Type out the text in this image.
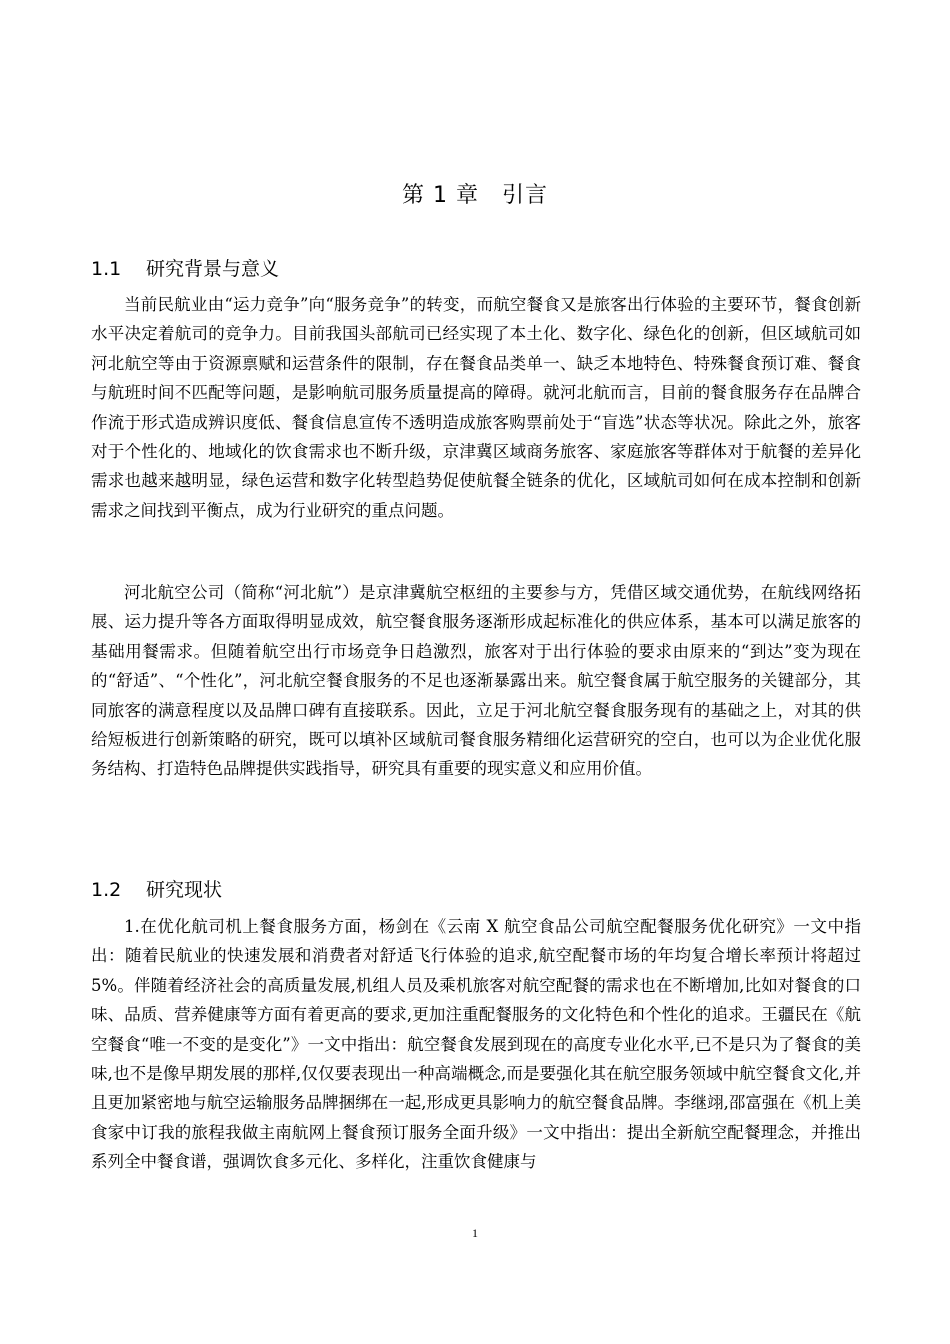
第 1 章　引言
1.1 研究背景与意义

当前民航业由“运力竞争”向“服务竞争”的转变，而航空餐食又是旅客出行体验的主要环节，餐食创新水平决定着航司的竞争力。目前我国头部航司已经实现了本土化、数字化、绿色化的创新，但区域航司如河北航空等由于资源禀赋和运营条件的限制，存在餐食品类单一、缺乏本地特色、特殊餐食预订难、餐食与航班时间不匹配等问题，是影响航司服务质量提高的障碍。就河北航而言，目前的餐食服务存在品牌合作流于形式造成辨识度低、餐食信息宣传不透明造成旅客购票前处于“盲选”状态等状况。除此之外，旅客对于个性化的、地域化的饮食需求也不断升级，京津冀区域商务旅客、家庭旅客等群体对于航餐的差异化需求也越来越明显，绿色运营和数字化转型趋势促使航餐全链条的优化，区域航司如何在成本控制和创新需求之间找到平衡点，成为行业研究的重点问题。

河北航空公司（简称“河北航”）是京津冀航空枢纽的主要参与方，凭借区域交通优势，在航线网络拓展、运力提升等各方面取得明显成效，航空餐食服务逐渐形成起标准化的供应体系，基本可以满足旅客的基础用餐需求。但随着航空出行市场竞争日趋激烈，旅客对于出行体验的要求由原来的“到达”变为现在的“舒适”、“个性化”，河北航空餐食服务的不足也逐渐暴露出来。航空餐食属于航空服务的关键部分，其同旅客的满意程度以及品牌口碑有直接联系。因此，立足于河北航空餐食服务现有的基础之上，对其的供给短板进行创新策略的研究，既可以填补区域航司餐食服务精细化运营研究的空白，也可以为企业优化服务结构、打造特色品牌提供实践指导，研究具有重要的现实意义和应用价值。

1.2 研究现状

1.在优化航司机上餐食服务方面，杨剑在《云南 X 航空食品公司航空配餐服务优化研究》一文中指出：随着民航业的快速发展和消费者对舒适飞行体验的追求,航空配餐市场的年均复合增长率预计将超过 5%。伴随着经济社会的高质量发展,机组人员及乘机旅客对航空配餐的需求也在不断增加,比如对餐食的口味、品质、营养健康等方面有着更高的要求,更加注重配餐服务的文化特色和个性化的追求。王疆民在《航空餐食“唯一不变的是变化”》一文中指出：航空餐食发展到现在的高度专业化水平,已不是只为了餐食的美味,也不是像早期发展的那样,仅仅要表现出一种高端概念,而是要强化其在航空服务领域中航空餐食文化,并且更加紧密地与航空运输服务品牌捆绑在一起,形成更具影响力的航空餐食品牌。李继翊,邵富强在《机上美食家中订我的旅程我做主南航网上餐食预订服务全面升级》一文中指出：提出全新航空配餐理念，并推出系列全中餐食谱，强调饮食多元化、多样化，注重饮食健康与

1
